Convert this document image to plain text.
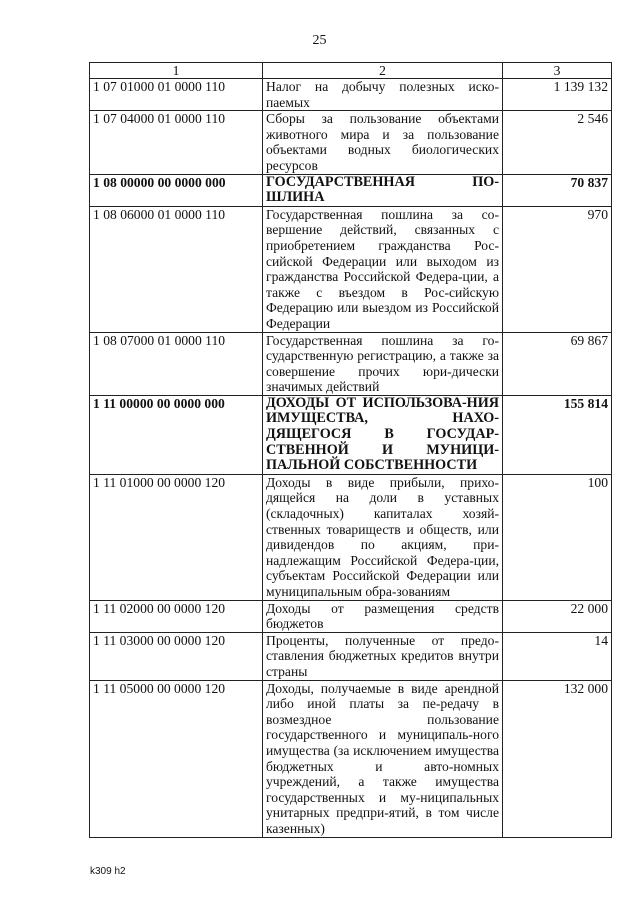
25
1	2	3
1 07 01000 01 0000 110	Налог на добычу полезных иско-паемых	1 139 132
1 07 04000 01 0000 110	Сборы за пользование объектами животного мира и за пользование объектами водных биологических ресурсов	2 546
1 08 00000 00 0000 000	ГОСУДАРСТВЕННАЯ ПО-ШЛИНА	70 837
1 08 06000 01 0000 110	Государственная пошлина за со-вершение действий, связанных с приобретением гражданства Рос-сийской Федерации или выходом из гражданства Российской Федера-ции, а также с въездом в Рос-сийскую Федерацию или выездом из Российской Федерации	970
1 08 07000 01 0000 110	Государственная пошлина за го-сударственную регистрацию, а также за совершение прочих юри-дически значимых действий	69 867
1 11 00000 00 0000 000	ДОХОДЫ ОТ ИСПОЛЬЗОВА-НИЯ ИМУЩЕСТВА, НАХО-ДЯЩЕГОСЯ В ГОСУДАР-СТВЕННОЙ И МУНИЦИ-ПАЛЬНОЙ СОБСТВЕННОСТИ	155 814
1 11 01000 00 0000 120	Доходы в виде прибыли, прихо-дящейся на доли в уставных (складочных) капиталах хозяй-ственных товариществ и обществ, или дивидендов по акциям, при-надлежащим Российской Федера-ции, субъектам Российской Федерации или муниципальным обра-зованиям	100
1 11 02000 00 0000 120	Доходы от размещения средств бюджетов	22 000
1 11 03000 00 0000 120	Проценты, полученные от предо-ставления бюджетных кредитов внутри страны	14
1 11 05000 00 0000 120	Доходы, получаемые в виде арендной либо иной платы за пе-редачу в возмездное пользование государственного и муниципаль-ного имущества (за исключением имущества бюджетных и авто-номных учреждений, а также имущества государственных и му-ниципальных унитарных предпри-ятий, в том числе казенных)	132 000
k309 h2
